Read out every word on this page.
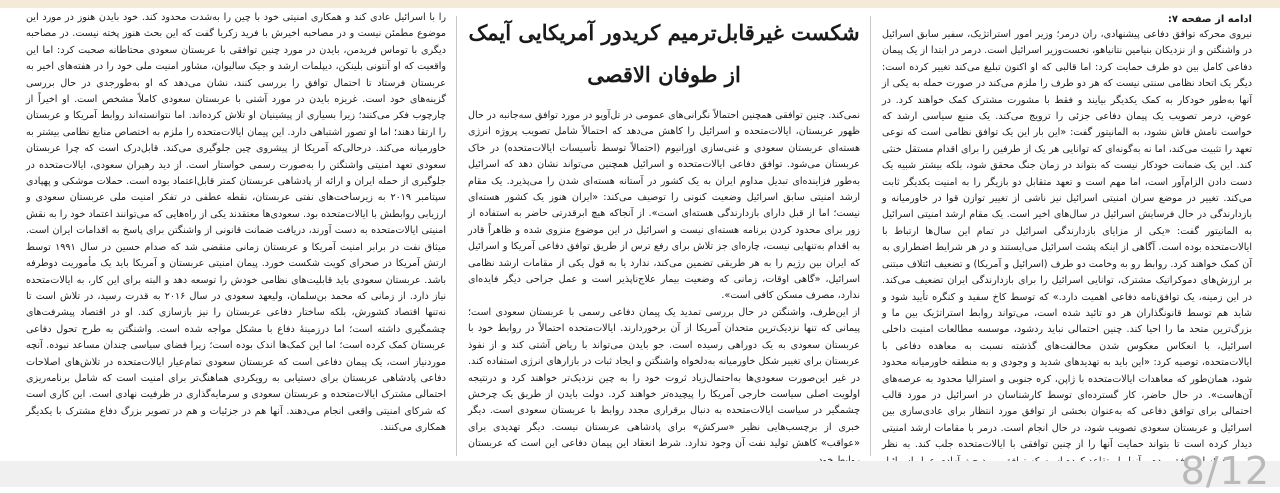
ادامه از صفحه ۷:

نیروی محرکه توافق دفاعی پیشنهادی، ران درمر؛ وزیر امور استراتژیک، سفیر سابق اسرائیل در واشنگتن و از نزدیکان بنیامین نتانیاهو، نخست‌وزیر اسرائیل است. درمر در ابتدا از یک پیمان دفاعی کامل بین دو طرف حمایت کرد: اما قالبی که او اکنون تبلیغ می‌کند تغییر کرده است: دیگر یک اتحاد نظامی سنتی نیست که هر دو طرف را ملزم می‌کند در صورت حمله به یکی از آنها به‌طور خودکار به کمک یکدیگر بیایند و فقط با مشورت مشترک کمک خواهند کرد. در عوض، درمر تصویب یک پیمان دفاعی جزئی را ترویج می‌کند. یک منبع سیاسی ارشد که خواست نامش فاش نشود، به المانیتور گفت: «این بار این یک توافق نظامی است که نوعی تعهد را تثبیت می‌کند، اما نه به‌گونه‌ای که توانایی هر یک از طرفین را برای اقدام مستقل خنثی کند. این یک ضمانت خودکار نیست که بتواند در زمان جنگ محقق شود، بلکه بیشتر شبیه یک دست دادن الزام‌آور است، اما مهم است و تعهد متقابل دو بازیگر را به امنیت یکدیگر ثابت می‌کند. تغییر در موضع سران امنیتی اسرائیل نیز ناشی از تغییر توازن قوا در خاورمیانه و بازدارندگی در حال فرسایش اسرائیل در سال‌های اخیر است. یک مقام ارشد امنیتی اسرائیل به المانیتور گفت: «یکی از مزایای بازدارندگی اسرائیل در تمام این سال‌ها ارتباط با ایالات‌متحده بوده است. آگاهی از اینکه پشت اسرائیل می‌ایستند و در هر شرایط اضطراری به آن کمک خواهند کرد. روابط رو به وخامت دو طرف (اسرائیل و آمریکا) و تضعیف ائتلاف مبتنی بر ارزش‌های دموکراتیک مشترک، توانایی اسرائیل را برای بازدارندگی ایران تضعیف می‌کند. در این زمینه، یک توافق‌نامه دفاعی اهمیت دارد.» که توسط کاخ سفید و کنگره تأیید شود و شاید هم توسط قانونگذاران هر دو تائید شده است، می‌تواند روابط استراتژیک بین ما و بزرگ‌ترین متحد ما را احیا کند. چنین احتمالی نباید ردشود، موسسه مطالعات امنیت داخلی اسرائیل، با انعکاس معکوس شدن مخالفت‌های گذشته نسبت به معاهده دفاعی با ایالات‌متحده، توصیه کرد: «این باید به تهدیدهای شدید و وجودی و به منطقه خاورمیانه محدود شود، همان‌طور که معاهدات ایالات‌متحده با ژاپن، کره جنوبی و استرالیا محدود به عرصه‌های آن‌هاست». در حال حاضر، کار گسترده‌ای توسط کارشناسان در اسرائیل در مورد قالب احتمالی برای توافق دفاعی که به‌عنوان بخشی از توافق مورد انتظار برای عادی‌سازی بین اسرائیل و عربستان سعودی تصویب شود، در حال انجام است. درمر با مقامات ارشد امنیتی دیدار کرده است تا بتواند حمایت آنها را از چنین توافقی با ایالات‌متحده جلب کند. به نظر

شکست غیرقابل‌ترمیم کریدور آمریکایی آیمک
از طوفان الاقصی

نمی‌کند. چنین توافقی همچنین احتمالاً نگرانی‌های عمومی در تل‌آویو در مورد توافق سه‌جانبه در حال ظهور عربستان، ایالات‌متحده و اسرائیل را کاهش می‌دهد که احتمالاً شامل تصویب پروژه انرژی هسته‌ای عربستان سعودی و غنی‌سازی اورانیوم (احتمالاً توسط تأسیسات ایالات‌متحده) در خاک عربستان می‌شود. توافق دفاعی ایالات‌متحده و اسرائیل همچنین می‌تواند نشان دهد که اسرائیل به‌طور فزاینده‌ای تبدیل مداوم ایران به یک کشور در آستانه هسته‌ای شدن را می‌پذیرد. یک مقام ارشد امنیتی سابق اسرائیل وضعیت کنونی را توصیف می‌کند: «ایران هنوز یک کشور هسته‌ای نیست؛ اما از قبل دارای بازدارندگی هسته‌ای است». از آنجاکه هیچ ابرقدرتی حاضر به استفاده از زور برای محدود کردن برنامه هسته‌ای نیست و اسرائیل در این موضوع منزوی شده و ظاهراً قادر به اقدام به‌تنهایی نیست، چاره‌ای جز تلاش برای رفع ترس از طریق توافق دفاعی آمریکا و اسرائیل که ایران بین رژیم را به هر طریقی تضمین می‌کند، ندارد یا به قول یکی از مقامات ارشد نظامی اسرائیل، «گاهی اوقات، زمانی که وضعیت بیمار علاج‌ناپذیر است و عمل جراحی دیگر فایده‌ای ندارد، مصرف مسکن کافی است».

از این‌طرف، واشنگتن در حال بررسی تمدید یک پیمان دفاعی رسمی با عربستان سعودی است؛ پیمانی که تنها نزدیک‌ترین متحدان آمریکا از آن برخوردارند. ایالات‌متحده احتمالاً در روابط خود با عربستان سعودی به یک دوراهی رسیده است. جو بایدن می‌تواند با ریاض آشتی کند و از نفوذ عربستان برای تغییر شکل خاورمیانه به‌دلخواه واشنگتن و ایجاد ثبات در بازارهای انرژی استفاده کند. در غیر این‌صورت سعودی‌ها به‌احتمال‌زیاد ثروت خود را به چین نزدیک‌تر خواهند کرد و درنتیجه اولویت اصلی سیاست خارجی آمریکا را پیچیده‌تر خواهند کرد. دولت بایدن از طریق یک چرخش چشمگیر در سیاست ایالات‌متحده به دنبال برقراری مجدد روابط با عربستان سعودی است. دیگر خبری از برچسب‌هایی نظیر «سرکش» برای پادشاهی عربستان نیست. دیگر تهدیدی برای «عواقب» کاهش تولید نفت آن وجود ندارد. شرط انعقاد این پیمان دفاعی این است که عربستان

را با اسرائیل عادی کند و همکاری امنیتی خود با چین را به‌شدت محدود کند. خود بایدن هنوز در مورد این موضوع مطمئن نیست و در مصاحبه اخیرش با فرید زکریا گفت که این بحث هنوز پخته نیست. در مصاحبه دیگری با توماس فریدمن، بایدن در مورد چنین توافقی با عربستان سعودی محتاطانه صحبت کرد: اما این واقعیت که او آنتونی بلینکن، دیپلمات ارشد و جیک سالیوان، مشاور امنیت ملی خود را در هفته‌های اخیر به عربستان فرستاد تا احتمال توافق را بررسی کنند، نشان می‌دهد که او به‌طورجدی در حال بررسی گزینه‌های خود است. غریزه بایدن در مورد آشتی با عربستان سعودی کاملاً مشخص است. او اخیراً از چارچوب فکر می‌کنند؛ زیرا بسیاری از پیشینیان او تلاش کرده‌اند. اما نتوانسته‌اند روابط آمریکا و عربستان را ارتقا دهند؛ اما او تصور اشتباهی دارد. این پیمان ایالات‌متحده را ملزم به اختصاص منابع نظامی بیشتر به خاورمیانه می‌کند. درحالی‌که آمریکا از پیشروی چین جلوگیری می‌کند. قابل‌درک است که چرا عربستان سعودی تعهد امنیتی واشنگتن را به‌صورت رسمی خواستار است. از دید رهبران سعودی، ایالات‌متحده در جلوگیری از حمله ایران و ارائه از پادشاهی عربستان کمتر قابل‌اعتماد بوده است. حملات موشکی و پهپادی سپتامبر ۲۰۱۹ به زیرساخت‌های نفتی عربستان، نقطه عطفی در تفکر امنیت ملی عربستان سعودی و ارزیابی روابطش با ایالات‌متحده بود. سعودی‌ها معتقدند یکی از راه‌هایی که می‌توانند اعتماد خود را به نقش امنیتی ایالات‌متحده به دست آورند، دریافت ضمانت قانونی از واشنگتن برای پاسخ به اقدامات ایران است. میثاق نفت در برابر امنیت آمریکا و عربستان زمانی منقضی شد که صدام حسین در سال ۱۹۹۱ توسط ارتش آمریکا در صحرای کویت شکست خورد. پیمان امنیتی عربستان و آمریکا باید یک مأموریت دوطرفه باشد. عربستان سعودی باید قابلیت‌های نظامی خودش را توسعه دهد و البته برای این کار، به ایالات‌متحده نیاز دارد. از زمانی که محمد بن‌سلمان، ولیعهد سعودی در سال ۲۰۱۶ به قدرت رسید، در تلاش است تا نه‌تنها اقتصاد کشورش، بلکه ساختار دفاعی عربستان را نیز بازسازی کند. او در اقتصاد پیشرفت‌های چشمگیری داشته است؛ اما درزمینهٔ دفاع با مشکل مواجه شده است. واشنگتن به طرح تحول دفاعی عربستان کمک کرده است؛ اما این کمک‌ها اندک بوده است؛ زیرا فضای سیاسی چندان مساعد نبوده. آنچه موردنیاز است، یک پیمان دفاعی است که عربستان سعودی تمام‌عیار ایالات‌متحده در تلاش‌های اصلاحات دفاعی پادشاهی عربستان برای دستیابی به رویکردی هماهنگ‌تر برای امنیت است که شامل برنامه‌ریزی احتمالی مشترک ایالات‌متحده و عربستان سعودی و سرمایه‌گذاری در ظرفیت نهادی است. این کاری است که شرکای امنیتی واقعی انجام می‌دهند. آنها هم در جزئیات و هم در تصویر بزرگ دفاع مشترک با یکدیگر همکاری می‌کنند.

8/12
